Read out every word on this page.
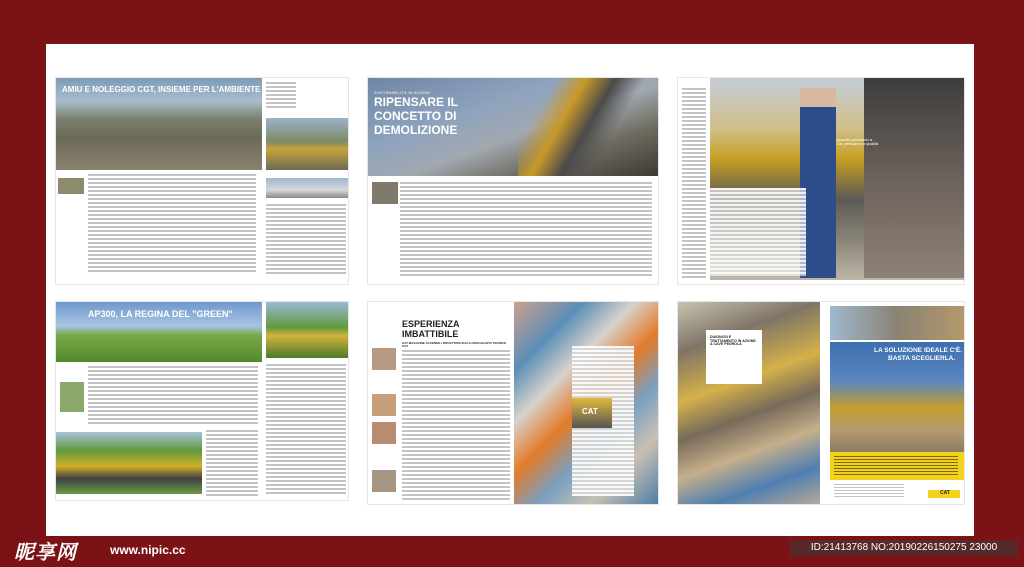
AMIU E NOLEGGIO CGT, INSIEME PER L'AMBIENTE	SOSTENIBILITÀ IN AZIONE
RIPENSARE IL
CONCETTO DI
DEMOLIZIONE
Quando pensiamo a Cat, pensiamo a qualità
AP300, LA REGINA DEL "GREEN"
ESPERIENZA
IMBATTIBILE
CAT MAGAZINE ACCENDE I RIFLETTORI SULLO SPECIALISTA TECNICO CGT
CAT
DIAGNOSI E TRATTAMENTO IN AZIONE A CAVE PEDROLA
LA SOLUZIONE IDEALE C'È.
BASTA SCEGLIERLA.
CAT
昵享网	www.nipic.cc	ID:21413768 NO:20190226150275 23000
